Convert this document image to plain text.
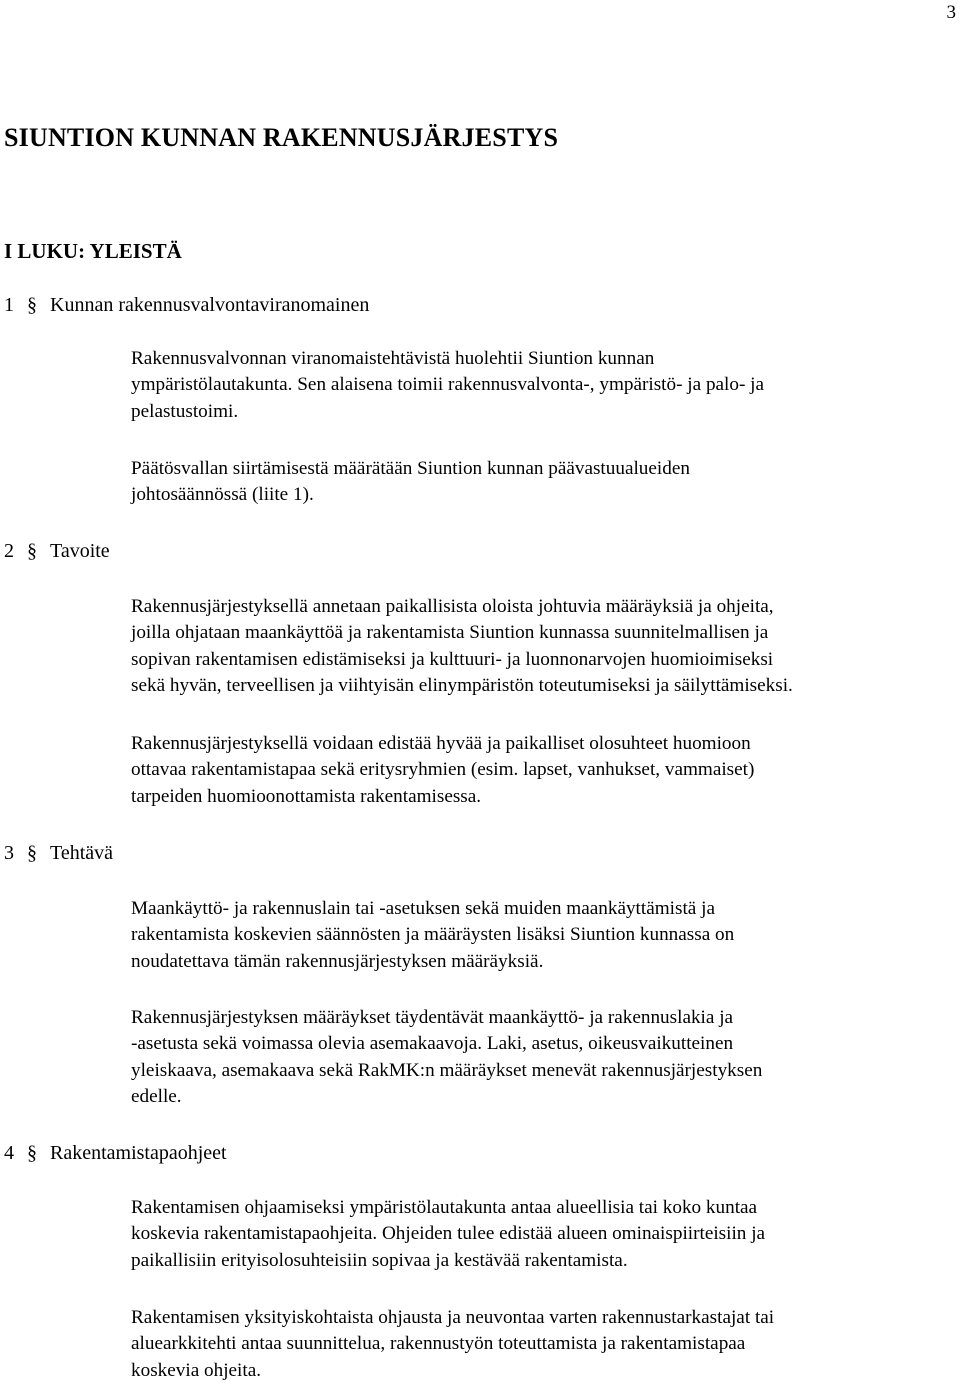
3
SIUNTION KUNNAN RAKENNUSJÄRJESTYS
I LUKU: YLEISTÄ
1 § Kunnan rakennusvalvontaviranomainen
Rakennusvalvonnan viranomaistehtävistä huolehtii Siuntion kunnan
ympäristölautakunta. Sen alaisena toimii rakennusvalvonta-, ympäristö- ja palo- ja
pelastustoimi.
Päätösvallan siirtämisestä määrätään Siuntion kunnan päävastuualueiden
johtosäännössä (liite 1).
2 § Tavoite
Rakennusjärjestyksellä annetaan paikallisista oloista johtuvia määräyksiä ja ohjeita,
joilla ohjataan maankäyttöä ja rakentamista Siuntion kunnassa suunnitelmallisen ja
sopivan rakentamisen edistämiseksi ja kulttuuri- ja luonnonarvojen huomioimiseksi
sekä hyvän, terveellisen ja viihtyisän elinympäristön toteutumiseksi ja säilyttämiseksi.
Rakennusjärjestyksellä voidaan edistää hyvää ja paikalliset olosuhteet huomioon
ottavaa rakentamistapaa sekä eritysryhmien (esim. lapset, vanhukset, vammaiset)
tarpeiden huomioonottamista rakentamisessa.
3 § Tehtävä
Maankäyttö- ja rakennuslain tai -asetuksen sekä muiden maankäyttämistä ja
rakentamista koskevien säännösten ja määräysten lisäksi Siuntion kunnassa on
noudatettava tämän rakennusjärjestyksen määräyksiä.
Rakennusjärjestyksen määräykset täydentävät maankäyttö- ja rakennuslakia ja
-asetusta sekä voimassa olevia asemakaavoja. Laki, asetus, oikeusvaikutteinen
yleiskaava, asemakaava sekä RakMK:n määräykset menevät rakennusjärjestyksen
edelle.
4 § Rakentamistapaohjeet
Rakentamisen ohjaamiseksi ympäristölautakunta antaa alueellisia tai koko kuntaa
koskevia rakentamistapaohjeita. Ohjeiden tulee edistää alueen ominaispiirteisiin ja
paikallisiin erityisolosuhteisiin sopivaa ja kestävää rakentamista.
Rakentamisen yksityiskohtaista ohjausta ja neuvontaa varten rakennustarkastajat tai
aluearkkitehti antaa suunnittelua, rakennustyön toteuttamista ja rakentamistapaa
koskevia ohjeita.
